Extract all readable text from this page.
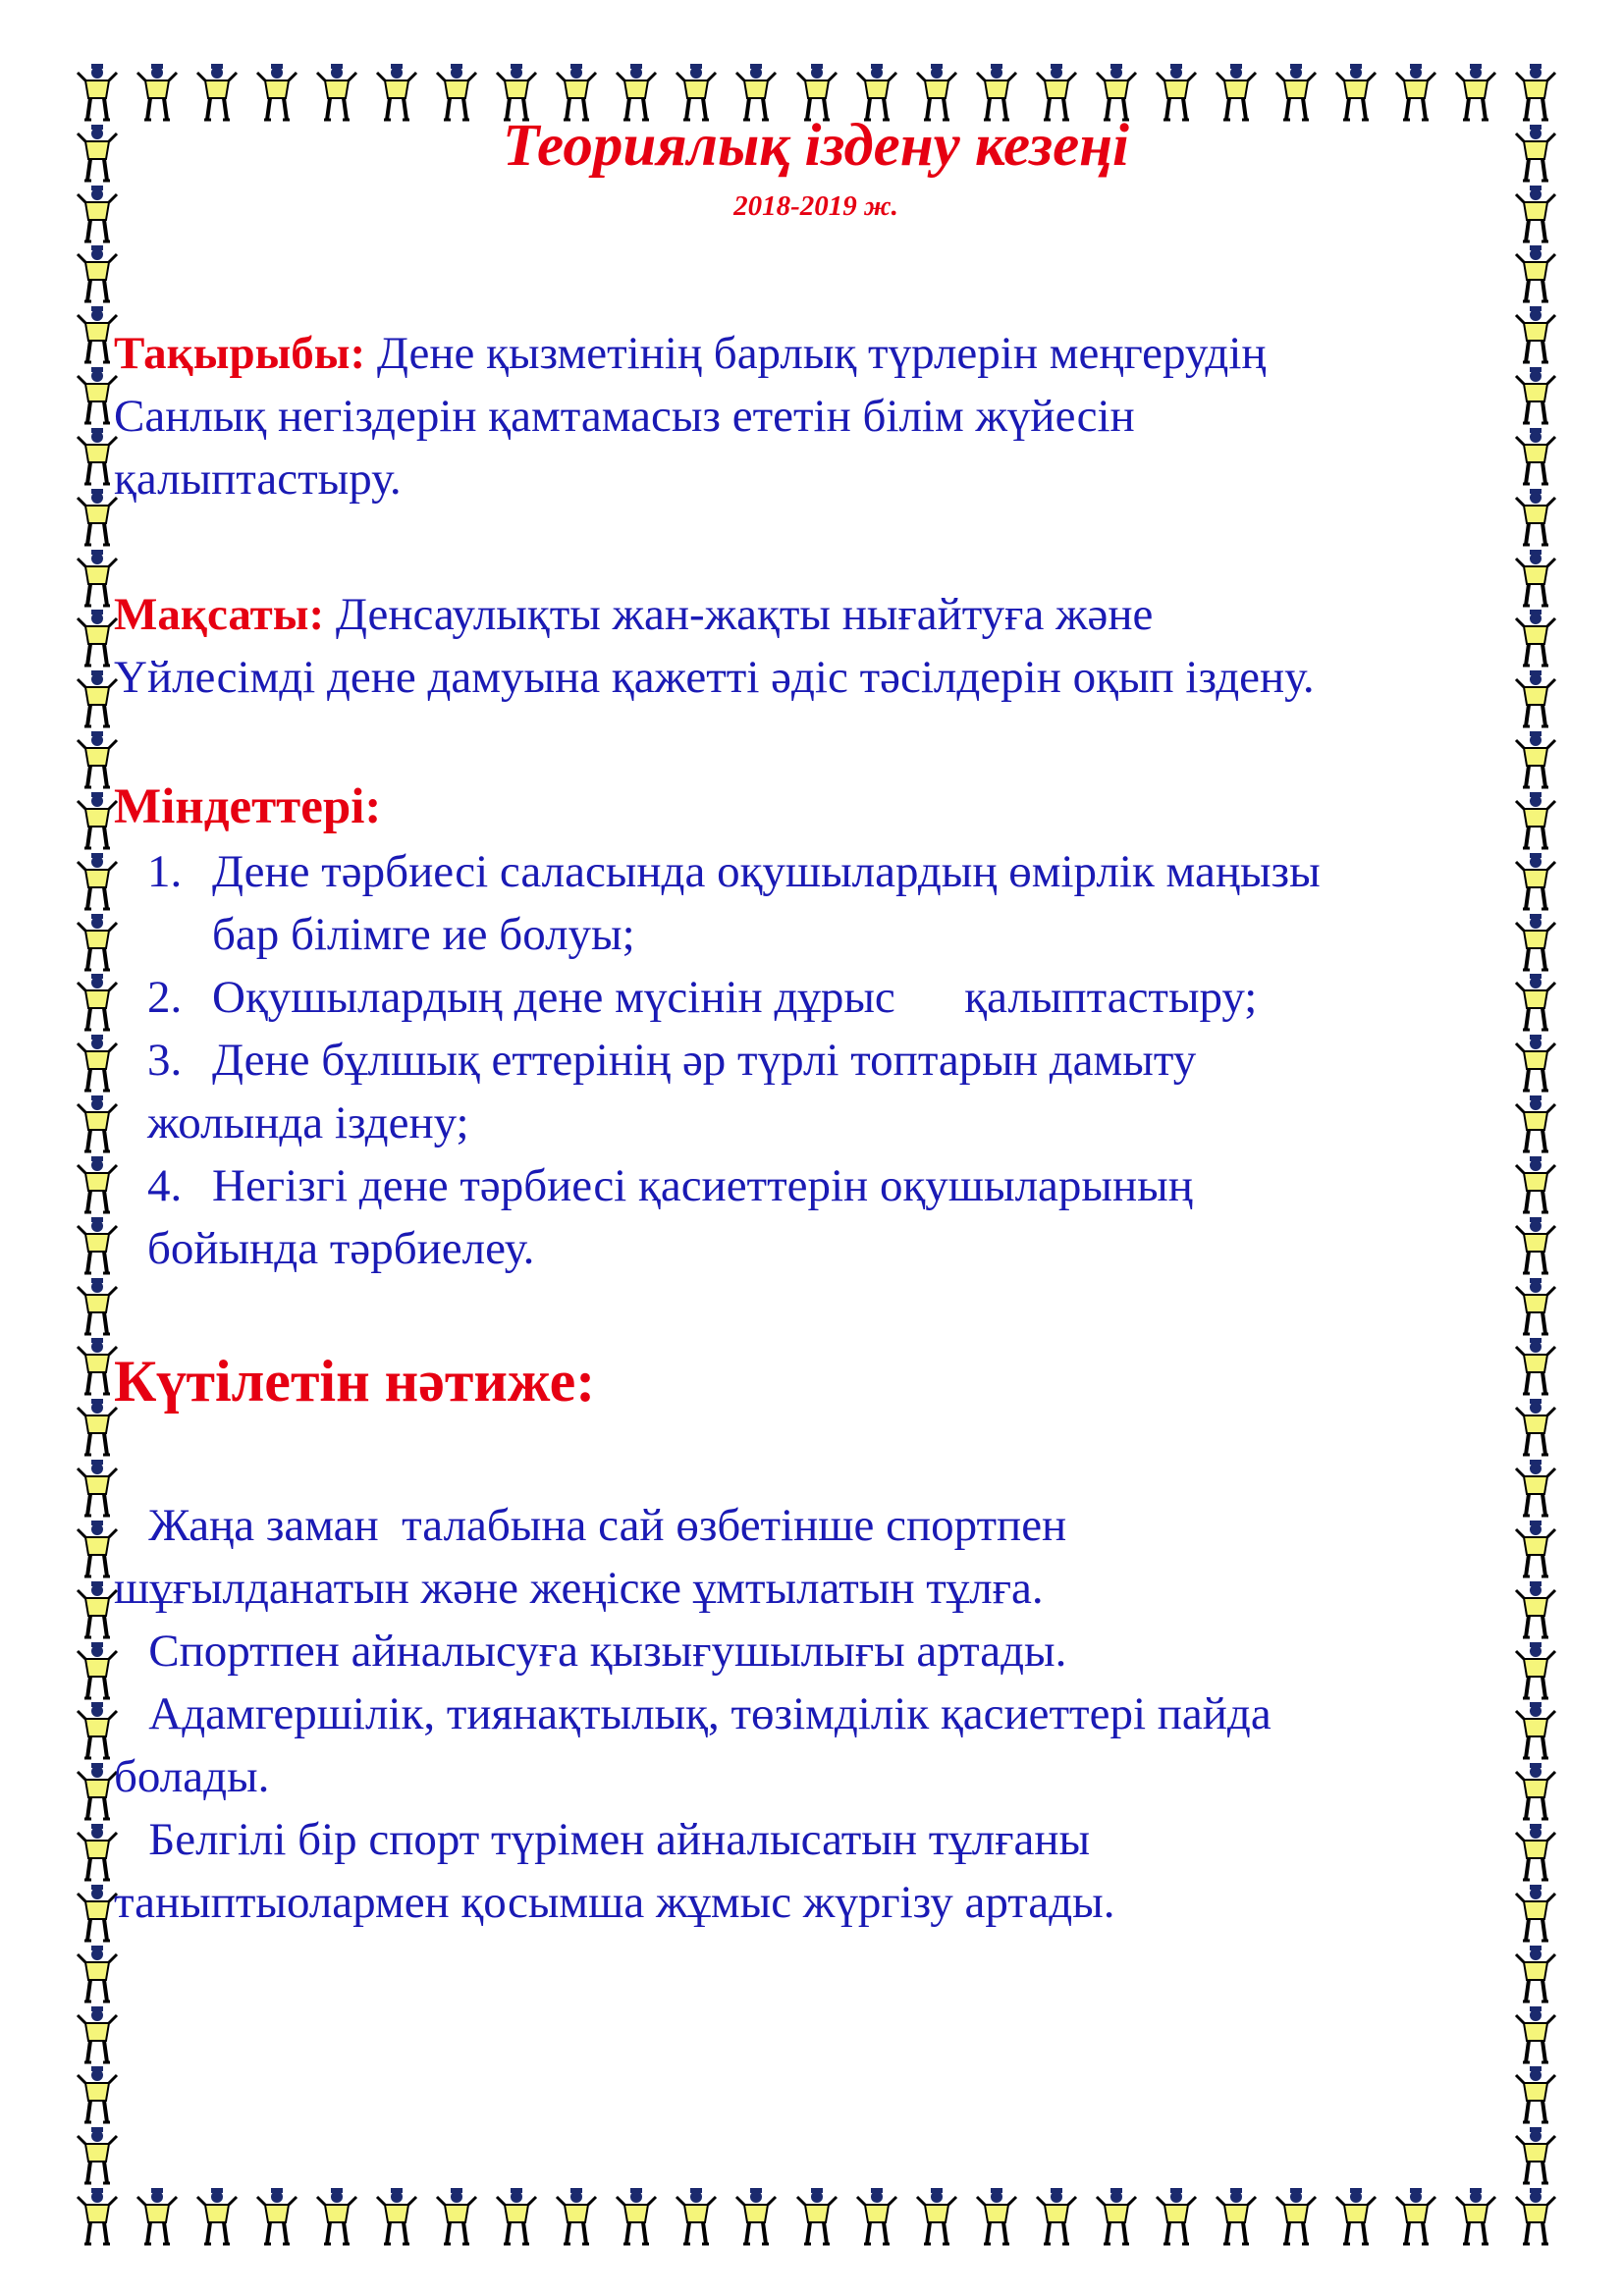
Теориялық іздену кезеңі
2018-2019 ж.

Тақырыбы: Дене қызметінің барлық түрлерін меңгерудің

Санлық негіздерін қамтамасыз ететін білім жүйесін

қалыптастыру.

Мақсаты: Денсаулықты жан-жақты нығайтуға және

Үйлесімді дене дамуына қажетті әдіс тәсілдерін оқып іздену.

Міндеттері:

1. Дене тәрбиесі саласында оқушылардың өмірлік маңызы

бар білімге ие болуы;

2. Оқушылардың дене мүсінін дұрыс      қалыптастыру;

3. Дене бұлшық еттерінің әр түрлі топтарын дамыту

жолында іздену;

4. Негізгі дене тәрбиесі қасиеттерін оқушыларының

бойында тәрбиелеу.

Күтілетін нәтиже:
Жаңа заман  талабына сай өзбетінше спортпен
шұғылданатын және жеңіске ұмтылатын тұлға.
Спортпен айналысуға қызығушылығы артады.
Адамгершілік, тиянақтылық, төзімділік қасиеттері пайда
болады.
Белгілі бір спорт түрімен айналысатын тұлғаны
таныптыолармен қосымша жұмыс жүргізу артады.
